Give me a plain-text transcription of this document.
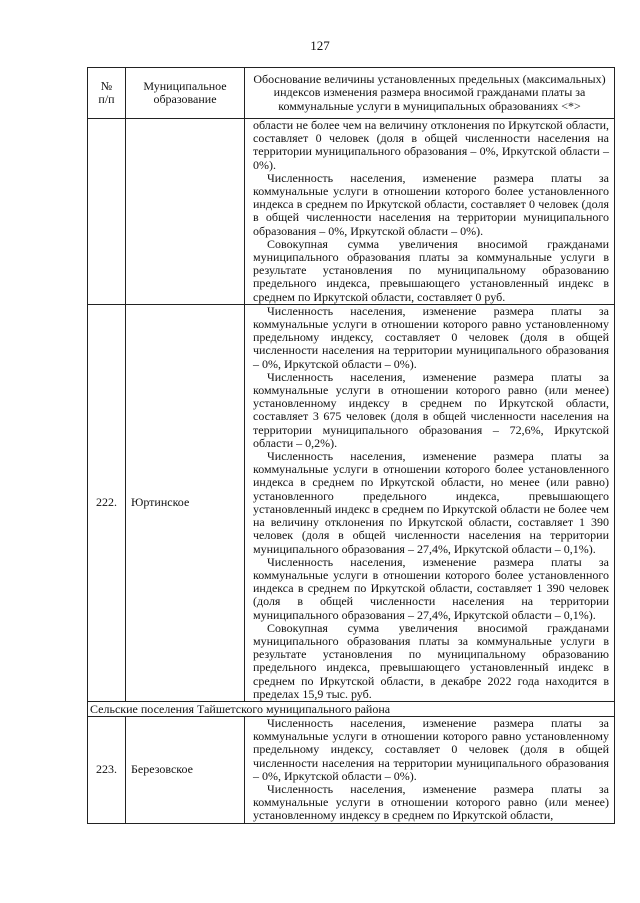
127
№
п/п	Муниципальное образование	Обоснование величины установленных предельных (максимальных) индексов изменения размера вносимой гражданами платы за коммунальные услуги в муниципальных образованиях <*>

		области не более чем на величину отклонения по Иркутской области, составляет 0 человек (доля в общей численности населения на территории муниципального образования – 0%, Иркутской области – 0%).

Численность населения, изменение размера платы за коммунальные услуги в отношении которого более установленного индекса в среднем по Иркутской области, составляет 0 человек (доля в общей численности населения на территории муниципального образования – 0%, Иркутской области – 0%).

Совокупная сумма увеличения вносимой гражданами муниципального образования платы за коммунальные услуги в результате установления по муниципальному образованию предельного индекса, превышающего установленный индекс в среднем по Иркутской области, составляет 0 руб.

222.	Юртинское	Численность населения, изменение размера платы за коммунальные услуги в отношении которого равно установленному предельному индексу, составляет 0 человек (доля в общей численности населения на территории муниципального образования – 0%, Иркутской области – 0%).

Численность населения, изменение размера платы за коммунальные услуги в отношении которого равно (или менее) установленному индексу в среднем по Иркутской области, составляет 3 675 человек (доля в общей численности населения на территории муниципального образования – 72,6%, Иркутской области – 0,2%).

Численность населения, изменение размера платы за коммунальные услуги в отношении которого более установленного индекса в среднем по Иркутской области, но менее (или равно) установленного предельного индекса, превышающего установленный индекс в среднем по Иркутской области не более чем на величину отклонения по Иркутской области, составляет 1 390 человек (доля в общей численности населения на территории муниципального образования – 27,4%, Иркутской области – 0,1%).

Численность населения, изменение размера платы за коммунальные услуги в отношении которого более установленного индекса в среднем по Иркутской области, составляет 1 390 человек (доля в общей численности населения на территории муниципального образования – 27,4%, Иркутской области – 0,1%).

Совокупная сумма увеличения вносимой гражданами муниципального образования платы за коммунальные услуги в результате установления по муниципальному образованию предельного индекса, превышающего установленный индекс в среднем по Иркутской области, в декабре 2022 года находится в пределах 15,9 тыс. руб.

Сельские поселения Тайшетского муниципального района		
223.	Березовское	Численность населения, изменение размера платы за коммунальные услуги в отношении которого равно установленному предельному индексу, составляет 0 человек (доля в общей численности населения на территории муниципального образования – 0%, Иркутской области – 0%).

Численность населения, изменение размера платы за коммунальные услуги в отношении которого равно (или менее) установленному индексу в среднем по Иркутской области,
